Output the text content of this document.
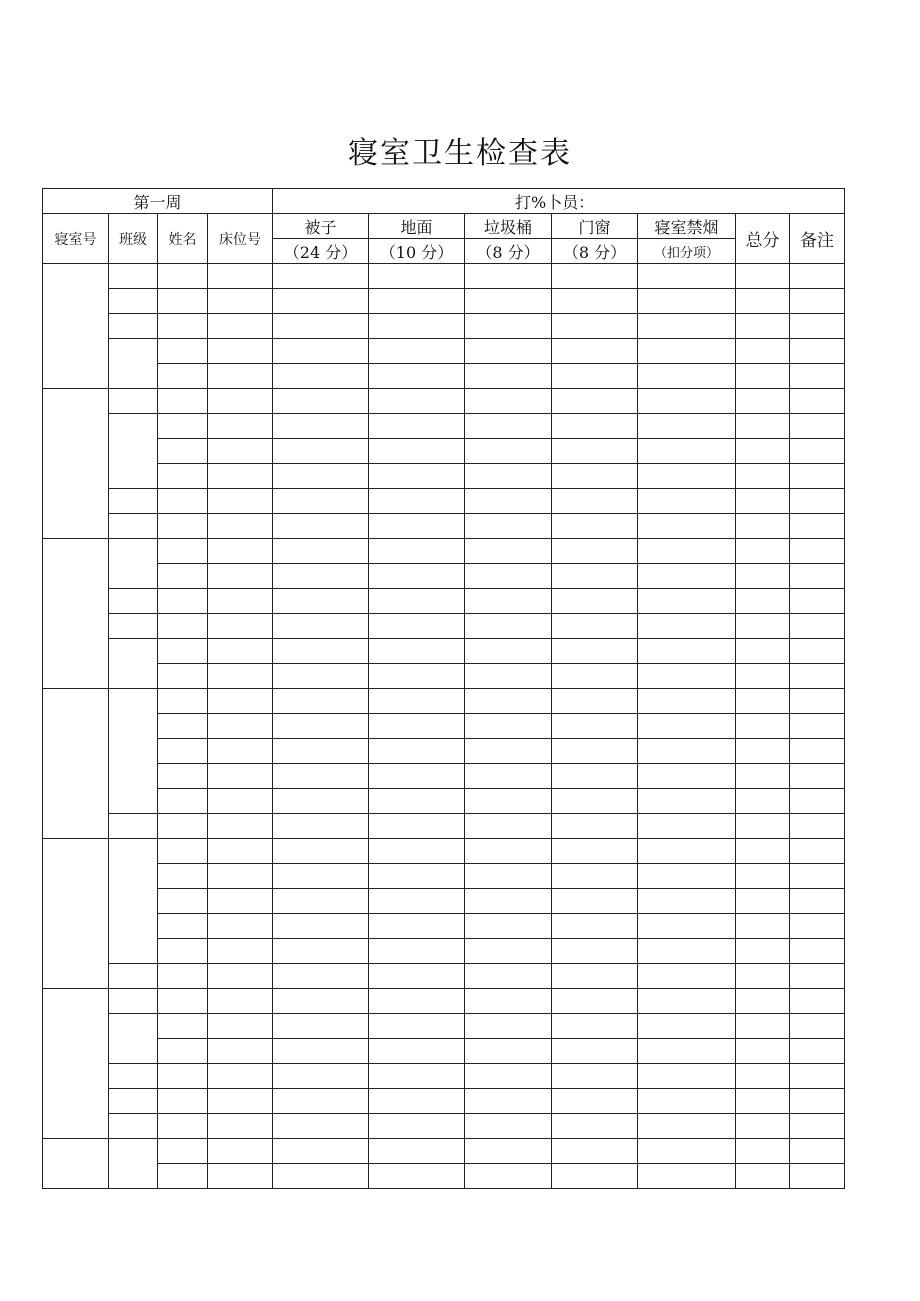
寝室卫生检查表
第一周				打%卜员：						

寝室号	班级	姓名	床位号	被子	地面	垃圾桶	门窗	寝室禁烟	总分	备注
				（24 分）	（10 分）	（8 分）	（8 分）	（扣分项）		
